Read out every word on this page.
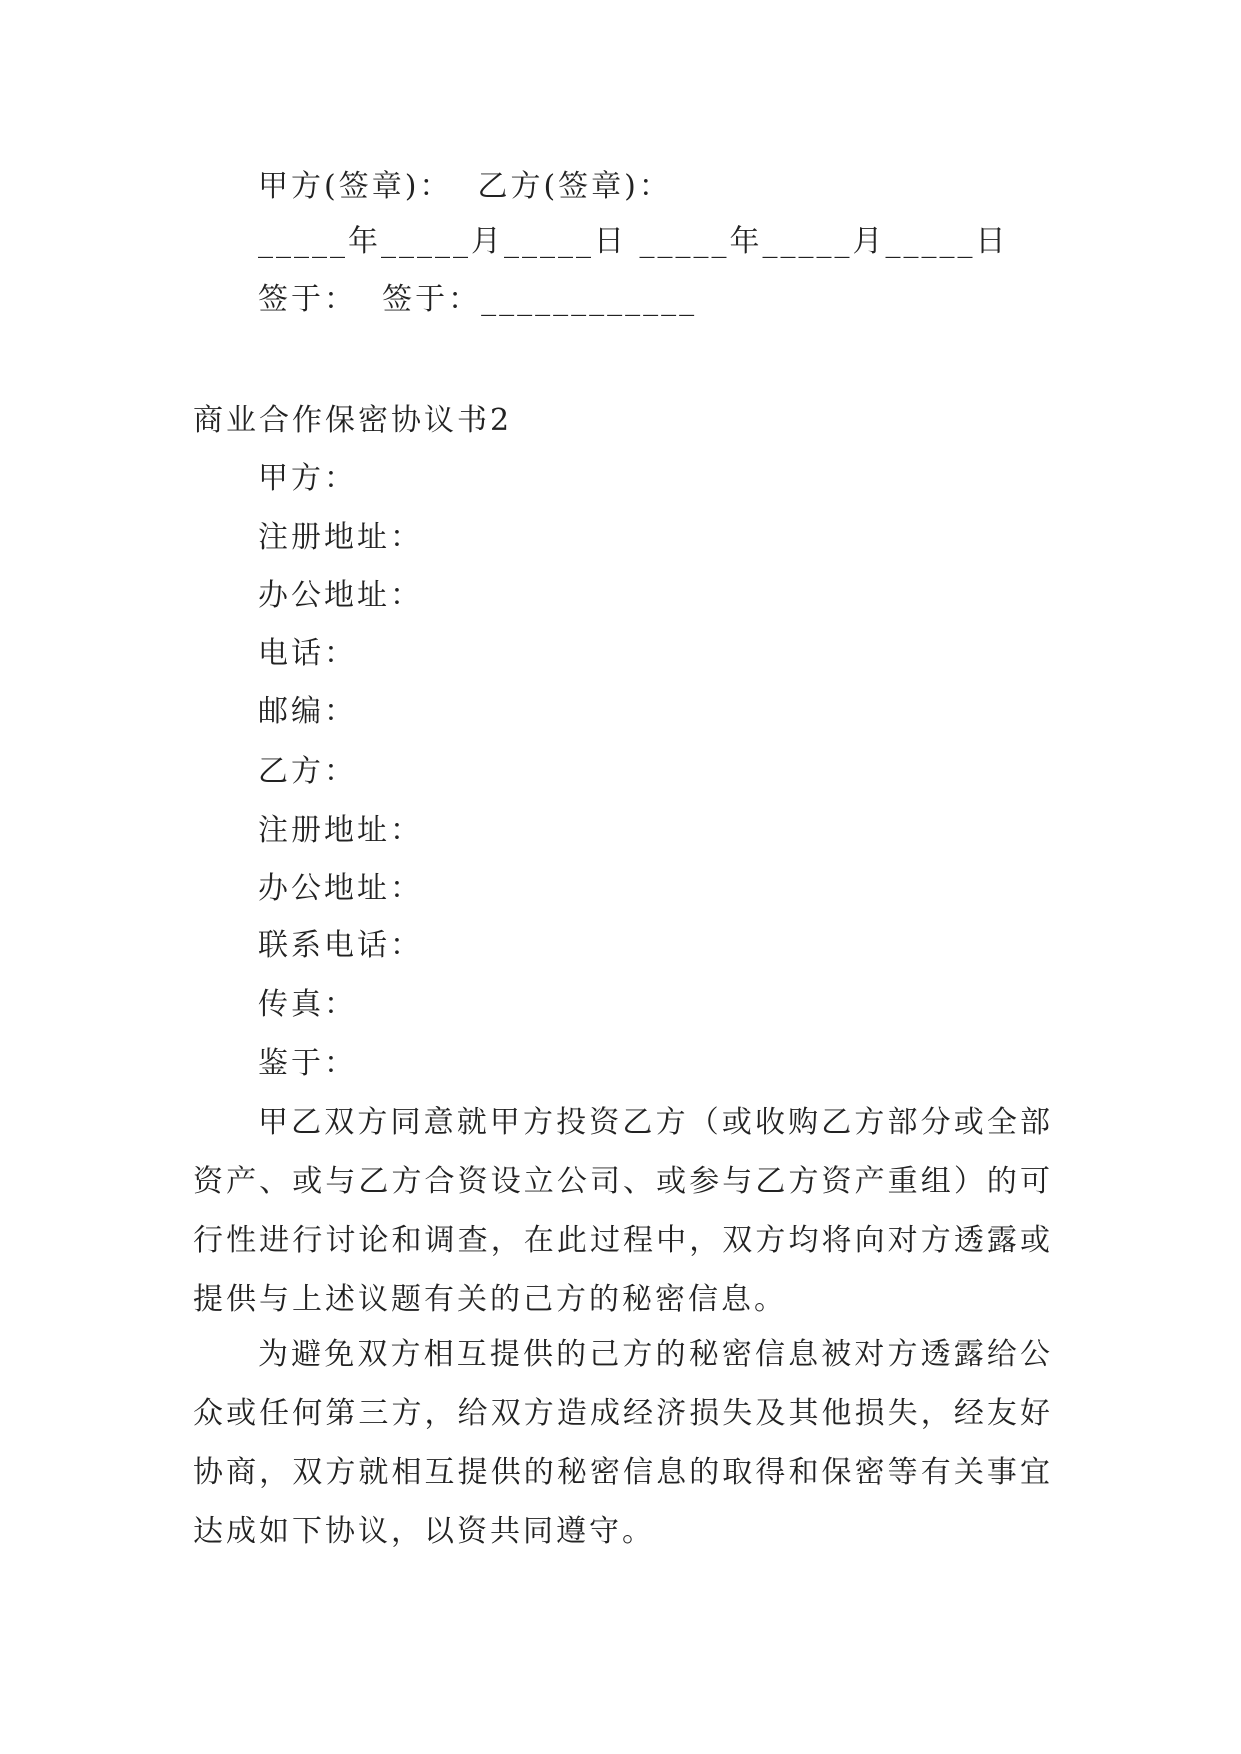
甲方(签章)：  乙方(签章)：
_____年_____月_____日 _____年_____月_____日
签于：  签于：____________
商业合作保密协议书2
甲方：
注册地址：
办公地址：
电话：
邮编：
乙方：
注册地址：
办公地址：
联系电话：
传真：
鉴于：
甲乙双方同意就甲方投资乙方（或收购乙方部分或全部资产、或与乙方合资设立公司、或参与乙方资产重组）的可行性进行讨论和调查，在此过程中，双方均将向对方透露或提供与上述议题有关的己方的秘密信息。
为避免双方相互提供的己方的秘密信息被对方透露给公众或任何第三方，给双方造成经济损失及其他损失，经友好协商，双方就相互提供的秘密信息的取得和保密等有关事宜达成如下协议，以资共同遵守。
